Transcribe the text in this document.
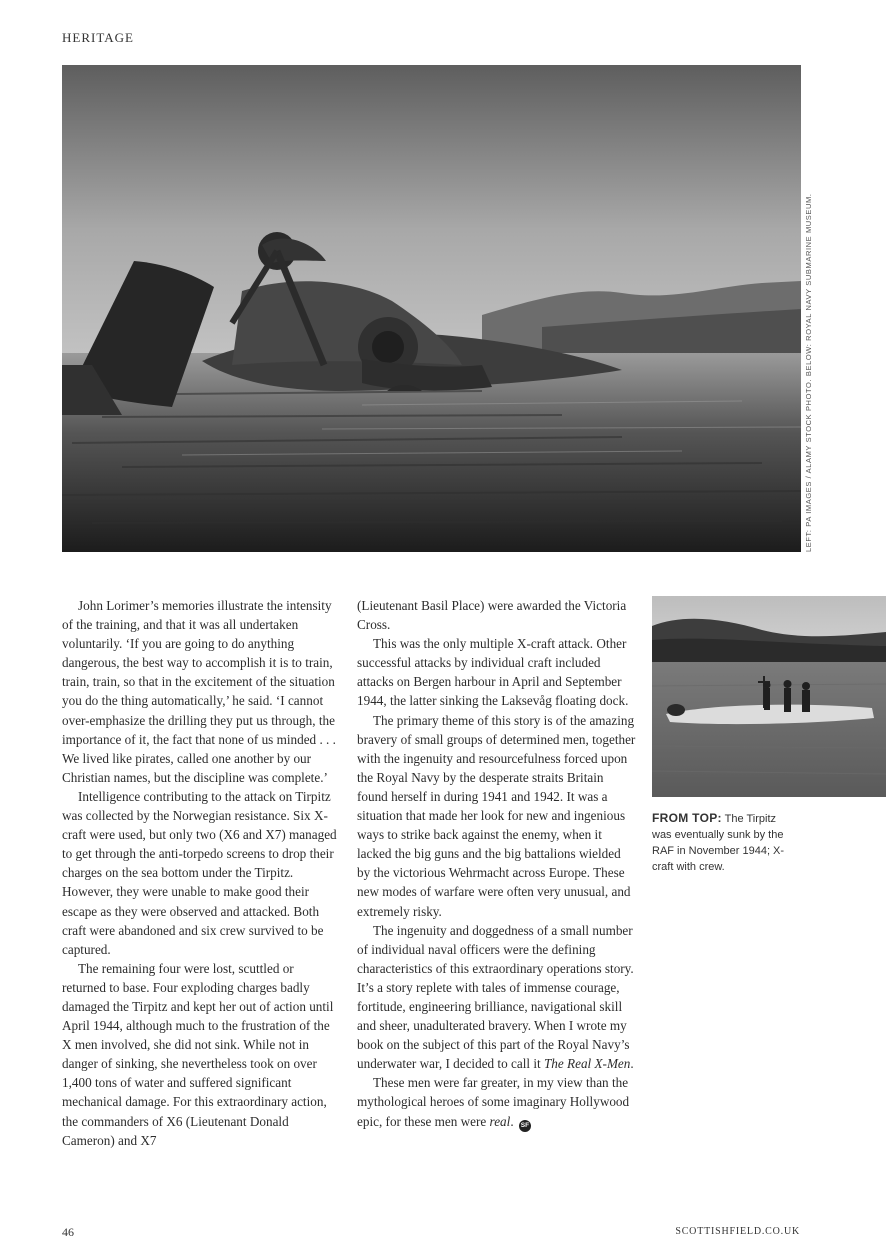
HERITAGE
LEFT: PA IMAGES / ALAMY STOCK PHOTO. BELOW: ROYAL NAVY SUBMARINE MUSEUM.

John Lorimer’s memories illustrate the intensity of the training, and that it was all undertaken voluntarily. ‘If you are going to do anything dangerous, the best way to accomplish it is to train, train, train, so that in the excitement of the situation you do the thing automatically,’ he said. ‘I cannot over-emphasize the drilling they put us through, the importance of it, the fact that none of us minded . . . We lived like pirates, called one another by our Christian names, but the discipline was complete.’

Intelligence contributing to the attack on Tirpitz was collected by the Norwegian resistance. Six X-craft were used, but only two (X6 and X7) managed to get through the anti-torpedo screens to drop their charges on the sea bottom under the Tirpitz. However, they were unable to make good their escape as they were observed and attacked. Both craft were abandoned and six crew survived to be captured.

The remaining four were lost, scuttled or returned to base. Four exploding charges badly damaged the Tirpitz and kept her out of action until April 1944, although much to the frustration of the X men involved, she did not sink. While not in danger of sinking, she nevertheless took on over 1,400 tons of water and suffered significant mechanical damage. For this extraordinary action, the commanders of X6 (Lieutenant Donald Cameron) and X7

(Lieutenant Basil Place) were awarded the Victoria Cross.

This was the only multiple X-craft attack. Other successful attacks by individual craft included attacks on Bergen harbour in April and September 1944, the latter sinking the Laksevåg floating dock.

The primary theme of this story is of the amazing bravery of small groups of determined men, together with the ingenuity and resourcefulness forced upon the Royal Navy by the desperate straits Britain found herself in during 1941 and 1942. It was a situation that made her look for new and ingenious ways to strike back against the enemy, when it lacked the big guns and the big battalions wielded by the victorious Wehrmacht across Europe. These new modes of warfare were often very unusual, and extremely risky.

The ingenuity and doggedness of a small number of individual naval officers were the defining characteristics of this extraordinary operations story. It’s a story replete with tales of immense courage, fortitude, engineering brilliance, navigational skill and sheer, unadulterated bravery. When I wrote my book on the subject of this part of the Royal Navy’s underwater war, I decided to call it The Real X-Men.

These men were far greater, in my view than the mythological heroes of some imaginary Hollywood epic, for these men were real. SF

FROM TOP: The Tirpitz was eventually sunk by the RAF in November 1944; X-craft with crew.
46	SCOTTISHFIELD.CO.UK
